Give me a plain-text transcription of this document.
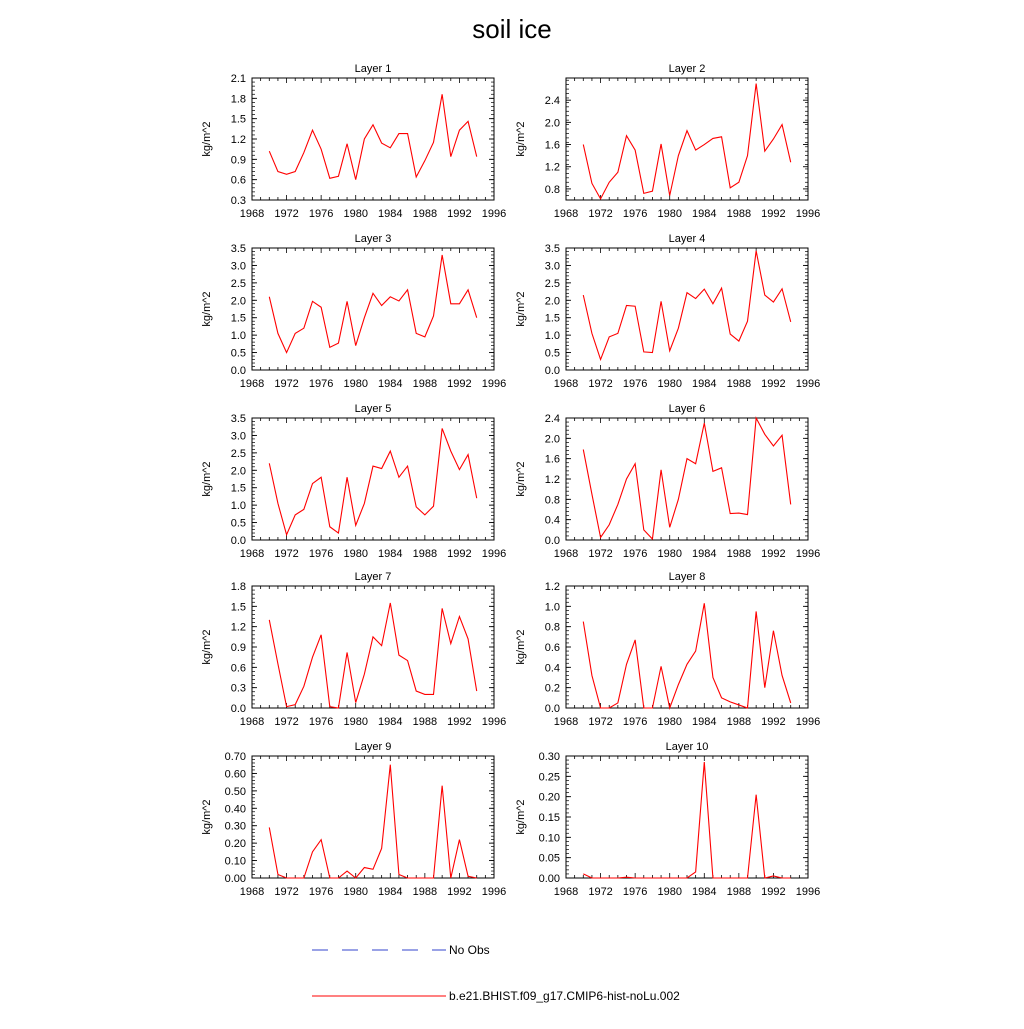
soil ice
Layer 1
1968 1972 1976 1980 1984 1988 1992 1996
0.3
0.6
0.9
1.2
1.5
1.8
2.1
kg/m^2
Layer 2
1968 1972 1976 1980 1984 1988 1992 1996
0.8
1.2
1.6
2.0
2.4
kg/m^2
Layer 3
1968 1972 1976 1980 1984 1988 1992 1996
0.0
0.5
1.0
1.5
2.0
2.5
3.0
3.5
kg/m^2
Layer 4
1968 1972 1976 1980 1984 1988 1992 1996
0.0
0.5
1.0
1.5
2.0
2.5
3.0
3.5
kg/m^2
Layer 5
1968 1972 1976 1980 1984 1988 1992 1996
0.0
0.5
1.0
1.5
2.0
2.5
3.0
3.5
kg/m^2
Layer 6
1968 1972 1976 1980 1984 1988 1992 1996
0.0
0.4
0.8
1.2
1.6
2.0
2.4
kg/m^2
Layer 7
1968 1972 1976 1980 1984 1988 1992 1996
0.0
0.3
0.6
0.9
1.2
1.5
1.8
kg/m^2
Layer 8
1968 1972 1976 1980 1984 1988 1992 1996
0.0
0.2
0.4
0.6
0.8
1.0
1.2
kg/m^2
Layer 9
1968 1972 1976 1980 1984 1988 1992 1996
0.00
0.10
0.20
0.30
0.40
0.50
0.60
0.70
kg/m^2
Layer 10
1968 1972 1976 1980 1984 1988 1992 1996
0.00
0.05
0.10
0.15
0.20
0.25
0.30
kg/m^2
No Obs
b.e21.BHIST.f09_g17.CMIP6-hist-noLu.002
